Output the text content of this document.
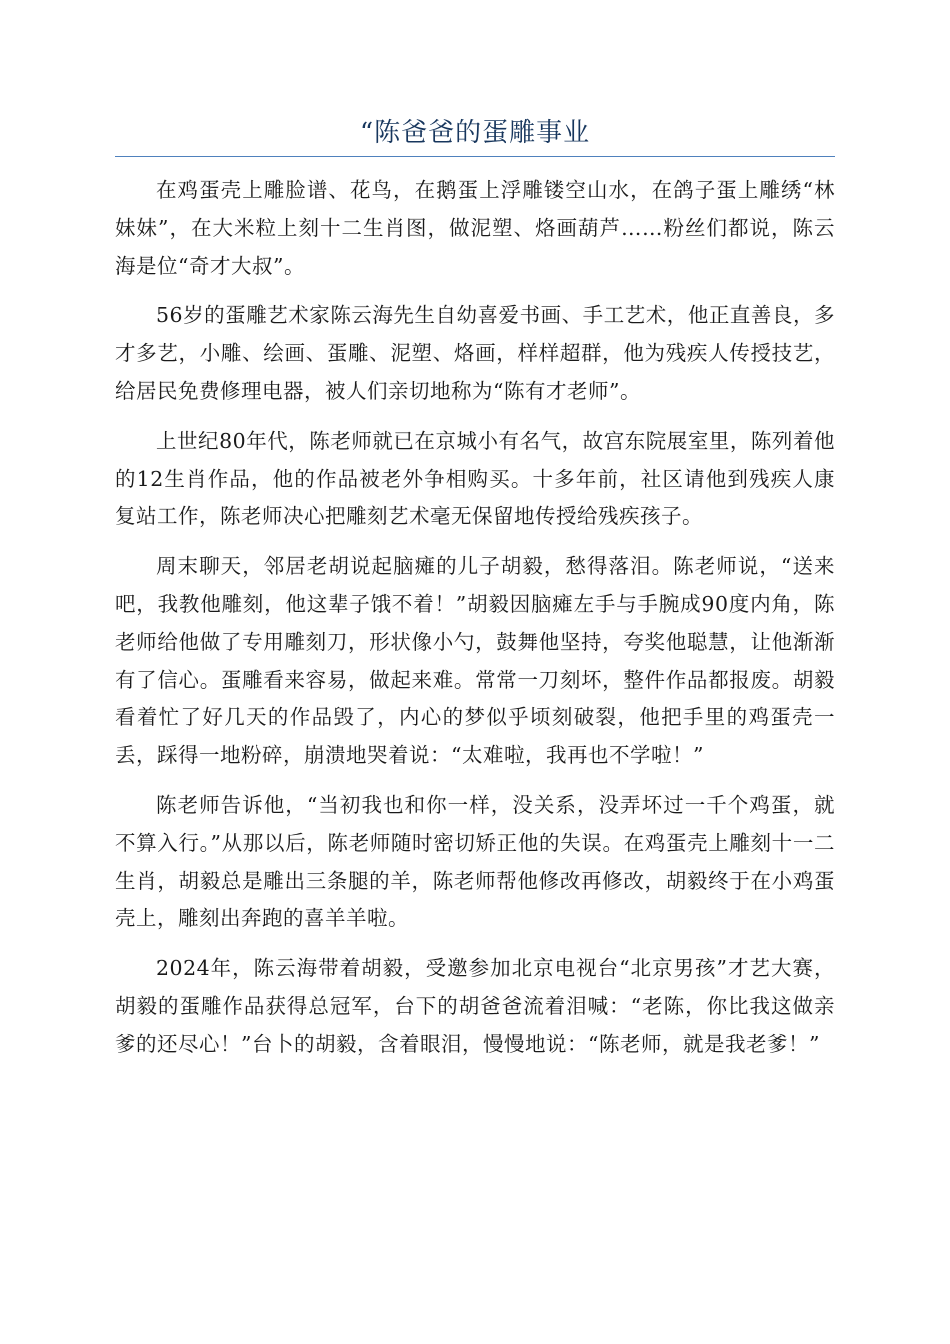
“陈爸爸的蛋雕事业

在鸡蛋壳上雕脸谱、花鸟，在鹅蛋上浮雕镂空山水，在鸽子蛋上雕绣“林妹妹”，在大米粒上刻十二生肖图，做泥塑、烙画葫芦……粉丝们都说，陈云海是位“奇才大叔”。

56岁的蛋雕艺术家陈云海先生自幼喜爱书画、手工艺术，他正直善良，多才多艺，小雕、绘画、蛋雕、泥塑、烙画，样样超群，他为残疾人传授技艺，给居民免费修理电器，被人们亲切地称为“陈有才老师”。

上世纪80年代，陈老师就已在京城小有名气，故宫东院展室里，陈列着他的12生肖作品，他的作品被老外争相购买。十多年前，社区请他到残疾人康复站工作，陈老师决心把雕刻艺术毫无保留地传授给残疾孩子。

周末聊天，邻居老胡说起脑瘫的儿子胡毅，愁得落泪。陈老师说，“送来吧，我教他雕刻，他这辈子饿不着！”胡毅因脑瘫左手与手腕成90度内角，陈老师给他做了专用雕刻刀，形状像小勺，鼓舞他坚持，夸奖他聪慧，让他渐渐有了信心。蛋雕看来容易，做起来难。常常一刀刻坏，整件作品都报废。胡毅看着忙了好几天的作品毁了，内心的梦似乎顷刻破裂，他把手里的鸡蛋壳一丢，踩得一地粉碎，崩溃地哭着说：“太难啦，我再也不学啦！”

陈老师告诉他，“当初我也和你一样，没关系，没弄坏过一千个鸡蛋，就不算入行。”从那以后，陈老师随时密切矫正他的失误。在鸡蛋壳上雕刻十一二生肖，胡毅总是雕出三条腿的羊，陈老师帮他修改再修改，胡毅终于在小鸡蛋壳上，雕刻出奔跑的喜羊羊啦。

2024年，陈云海带着胡毅，受邀参加北京电视台“北京男孩”才艺大赛，胡毅的蛋雕作品获得总冠军，台下的胡爸爸流着泪喊：“老陈，你比我这做亲爹的还尽心！”台卜的胡毅，含着眼泪，慢慢地说：“陈老师，就是我老爹！”
